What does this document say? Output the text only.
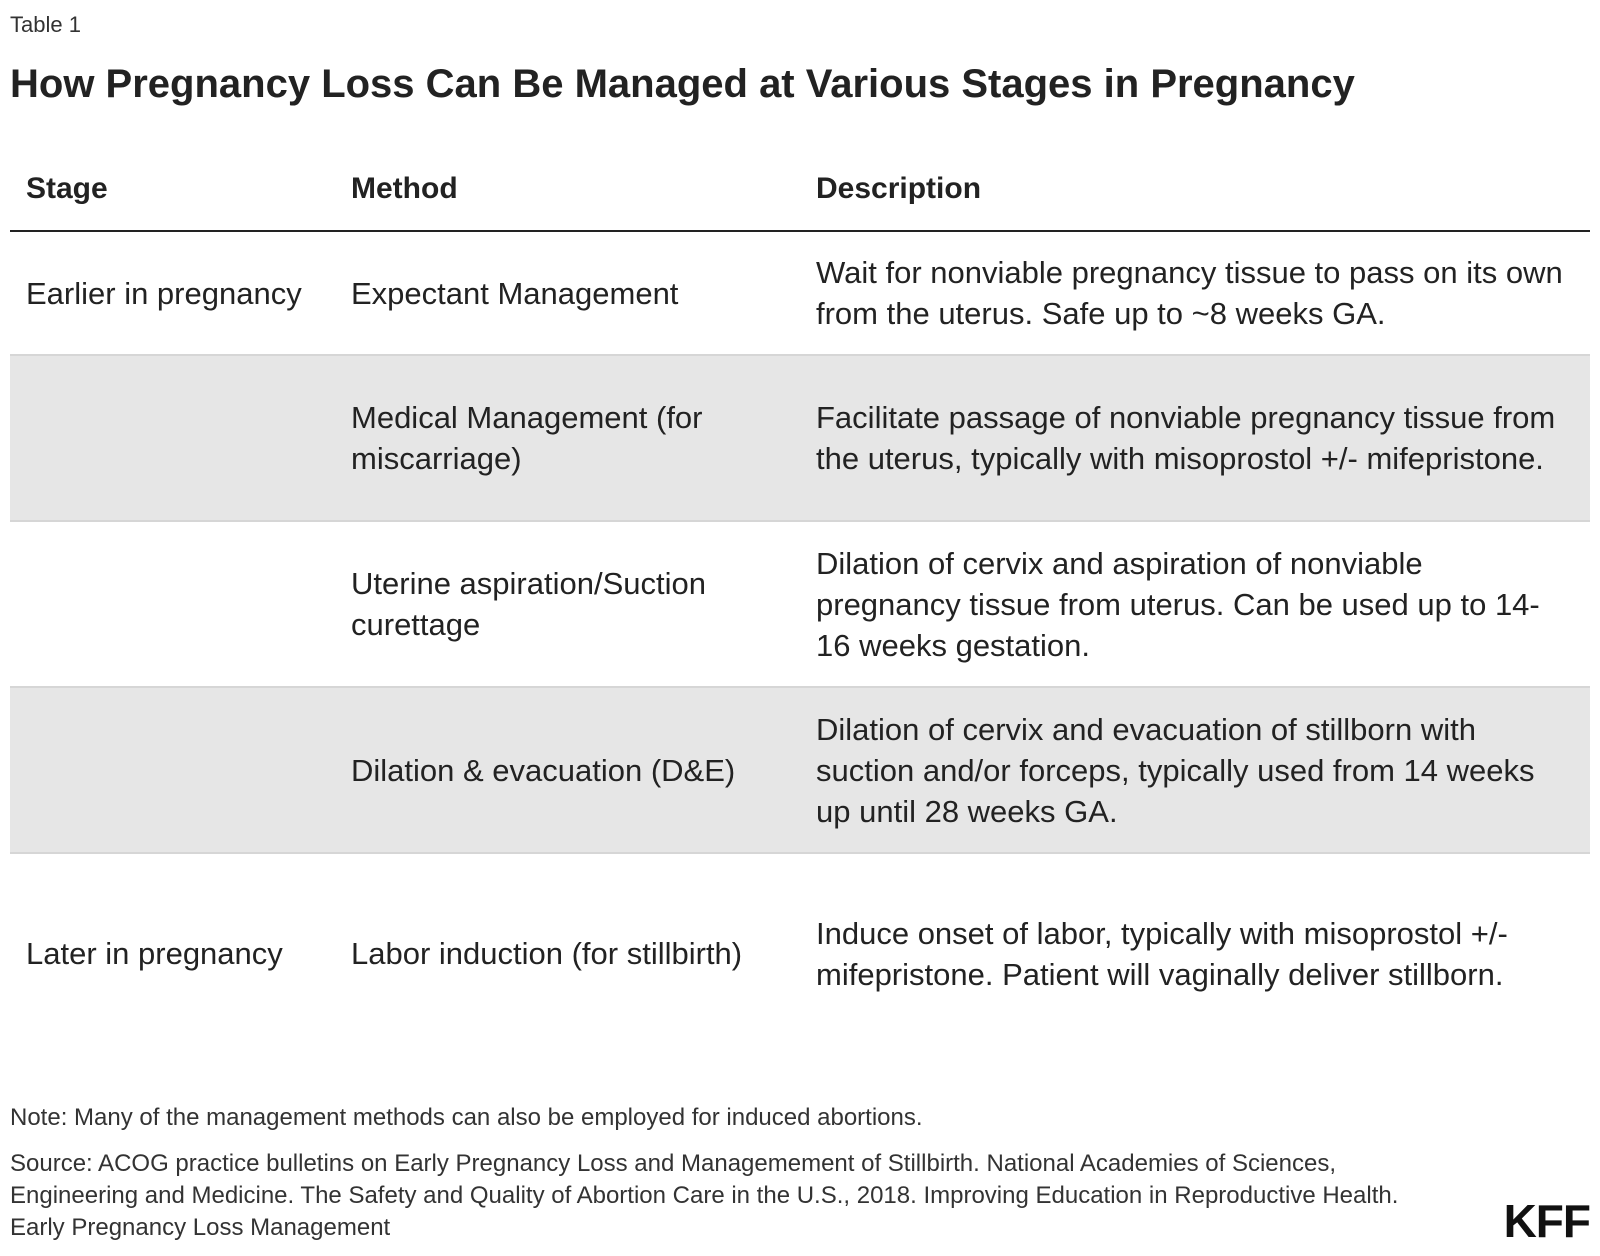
Table 1
How Pregnancy Loss Can Be Managed at Various Stages in Pregnancy
Stage	Method	Description
Earlier in pregnancy	Expectant Management	Wait for nonviable pregnancy tissue to pass on its own from the uterus. Safe up to ~8 weeks GA.
	Medical Management (for miscarriage)	Facilitate passage of nonviable pregnancy tissue from the uterus, typically with misoprostol +/- mifepristone.
	Uterine aspiration/Suction curettage	Dilation of cervix and aspiration of nonviable pregnancy tissue from uterus. Can be used up to 14-16 weeks gestation.
	Dilation & evacuation (D&E)	Dilation of cervix and evacuation of stillborn with suction and/or forceps, typically used from 14 weeks up until 28 weeks GA.
Later in pregnancy	Labor induction (for stillbirth)	Induce onset of labor, typically with misoprostol +/- mifepristone. Patient will vaginally deliver stillborn.
Note: Many of the management methods can also be employed for induced abortions.
Source: ACOG practice bulletins on Early Pregnancy Loss and Managemement of Stillbirth. National Academies of Sciences, Engineering and Medicine. The Safety and Quality of Abortion Care in the U.S., 2018. Improving Education in Reproductive Health. Early Pregnancy Loss Management	KFF
